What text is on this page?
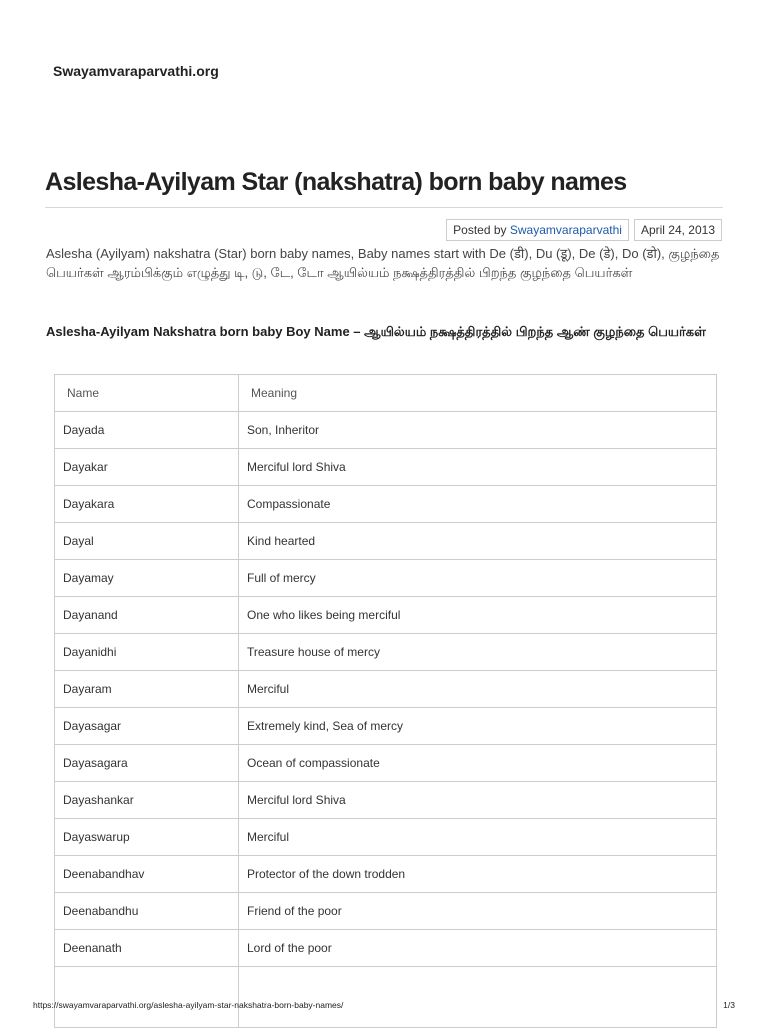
Swayamvaraparvathi.org
Aslesha-Ayilyam Star (nakshatra) born baby names
Posted by Swayamvaraparvathi	April 24, 2013

Aslesha (Ayilyam) nakshatra (Star) born baby names, Baby names start with De (डी), Du (डू), De (डे), Do (डो), குழந்தை பெயர்கள் ஆரம்பிக்கும் எழுத்து டி, டு, டே, டோ ஆயில்யம் நக்ஷத்திரத்தில் பிறந்த குழந்தை பெயர்கள்

Aslesha-Ayilyam Nakshatra born baby Boy Name – ஆயில்யம் நக்ஷத்திரத்தில் பிறந்த ஆண் குழந்தை பெயர்கள்

Name	Meaning
Dayada	Son, Inheritor
Dayakar	Merciful lord Shiva
Dayakara	Compassionate
Dayal	Kind hearted
Dayamay	Full of mercy
Dayanand	One who likes being merciful
Dayanidhi	Treasure house of mercy
Dayaram	Merciful
Dayasagar	Extremely kind, Sea of mercy
Dayasagara	Ocean of compassionate
Dayashankar	Merciful lord Shiva
Dayaswarup	Merciful
Deenabandhav	Protector of the down trodden
Deenabandhu	Friend of the poor
Deenanath	Lord of the poor

https://swayamvaraparvathi.org/aslesha-ayilyam-star-nakshatra-born-baby-names/	1/3
